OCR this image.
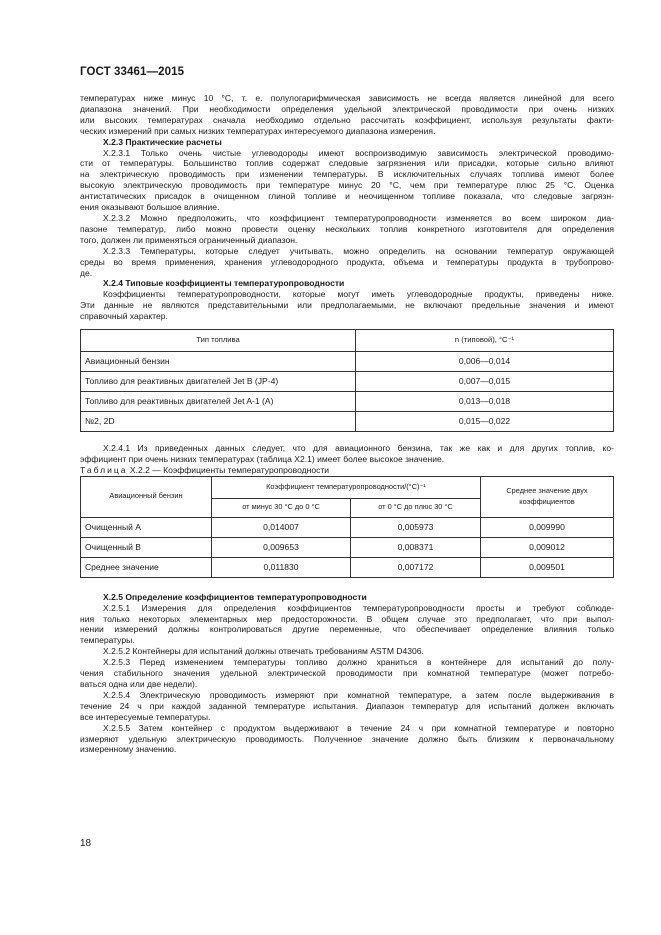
ГОСТ 33461—2015

температурах ниже минус 10 °С, т. е. полулогарифмическая зависимость не всегда является линейной для всего

диапазона значений. При необходимости определения удельной электрической проводимости при очень низких

или высоких температурах сначала необходимо отдельно рассчитать коэффициент, используя результаты факти-

ческих измерений при самых низких температурах интересуемого диапазона измерения.

X.2.3 Практические расчеты

X.2.3.1 Только очень чистые углеводороды имеют воспроизводимую зависимость электрической проводимо-

сти от температуры. Большинство топлив содержат следовые загрязнения или присадки, которые сильно влияют

на электрическую проводимость при изменении температуры. В исключительных случаях топлива имеют более

высокую электрическую проводимость при температуре минус 20 °С, чем при температуре плюс 25 °С. Оценка

антистатических присадок в очищенном глиной топливе и неочищенном топливе показала, что следовые загрязн-

ения оказывают большое влияние.

X.2.3.2 Можно предположить, что коэффициент температуропроводности изменяется во всем широком диа-

пазоне температур, либо можно провести оценку нескольких топлив конкретного изготовителя для определения

того, должен ли применяться ограниченный диапазон.

X.2.3.3 Температуры, которые следует учитывать, можно определить на основании температур окружающей

среды во время применения, хранения углеводородного продукта, объема и температуры продукта в трубопрово-

де.

X.2.4 Типовые коэффициенты температуропроводности

Коэффициенты температуропроводности, которые могут иметь углеводородные продукты, приведены ниже.

Эти данные не являются представительными или предполагаемыми, не включают предельные значения и имеют

справочный характер.

Тип топлива	n (типовой), °С⁻¹
Авиационный бензин	0,006—0,014
Топливо для реактивных двигателей Jet B (JP-4)	0,007—0,015
Топливо для реактивных двигателей Jet A-1 (A)	0,013—0,018
№2, 2D	0,015—0,022

X.2.4.1 Из приведенных данных следует, что для авиационного бензина, так же как и для других топлив, ко-

эффициент при очень низких температурах (таблица X2.1) имеет более высокое значение.

Таблица X.2.2 — Коэффициенты температуропроводности

Авиационный бензин	Коэффициент температуропроводности/(°С)⁻¹		Среднее значение двух коэффициентов
	от минус 30 °С до 0 °С	от 0 °С до плюс 30 °С	
Очищенный А	0,014007	0,005973	0,009990
Очищенный В	0,009653	0,008371	0,009012
Среднее значение	0,011830	0,007172	0,009501

X.2.5 Определение коэффициентов температуропроводности

X.2.5.1 Измерения для определения коэффициентов температуропроводности просты и требуют соблюде-

ния только некоторых элементарных мер предосторожности. В общем случае это предполагает, что при выпол-

нении измерений должны контролироваться другие переменные, что обеспечивает определение влияния только

температуры.

X.2.5.2 Контейнеры для испытаний должны отвечать требованиям ASTM D4306.

X.2.5.3 Перед изменением температуры топливо должно храниться в контейнере для испытаний до полу-

чения стабильного значения удельной электрической проводимости при комнатной температуре (может потребо-

ваться одна или две недели).

X.2.5.4 Электрическую проводимость измеряют при комнатной температуре, а затем после выдерживания в

течение 24 ч при каждой заданной температуре испытания. Диапазон температур для испытаний должен включать

все интересуемые температуры.

X.2.5.5 Затем контейнер с продуктом выдерживают в течение 24 ч при комнатной температуре и повторно

измеряют удельную электрическую проводимость. Полученное значение должно быть близким к первоначальному

измеренному значению.

18
